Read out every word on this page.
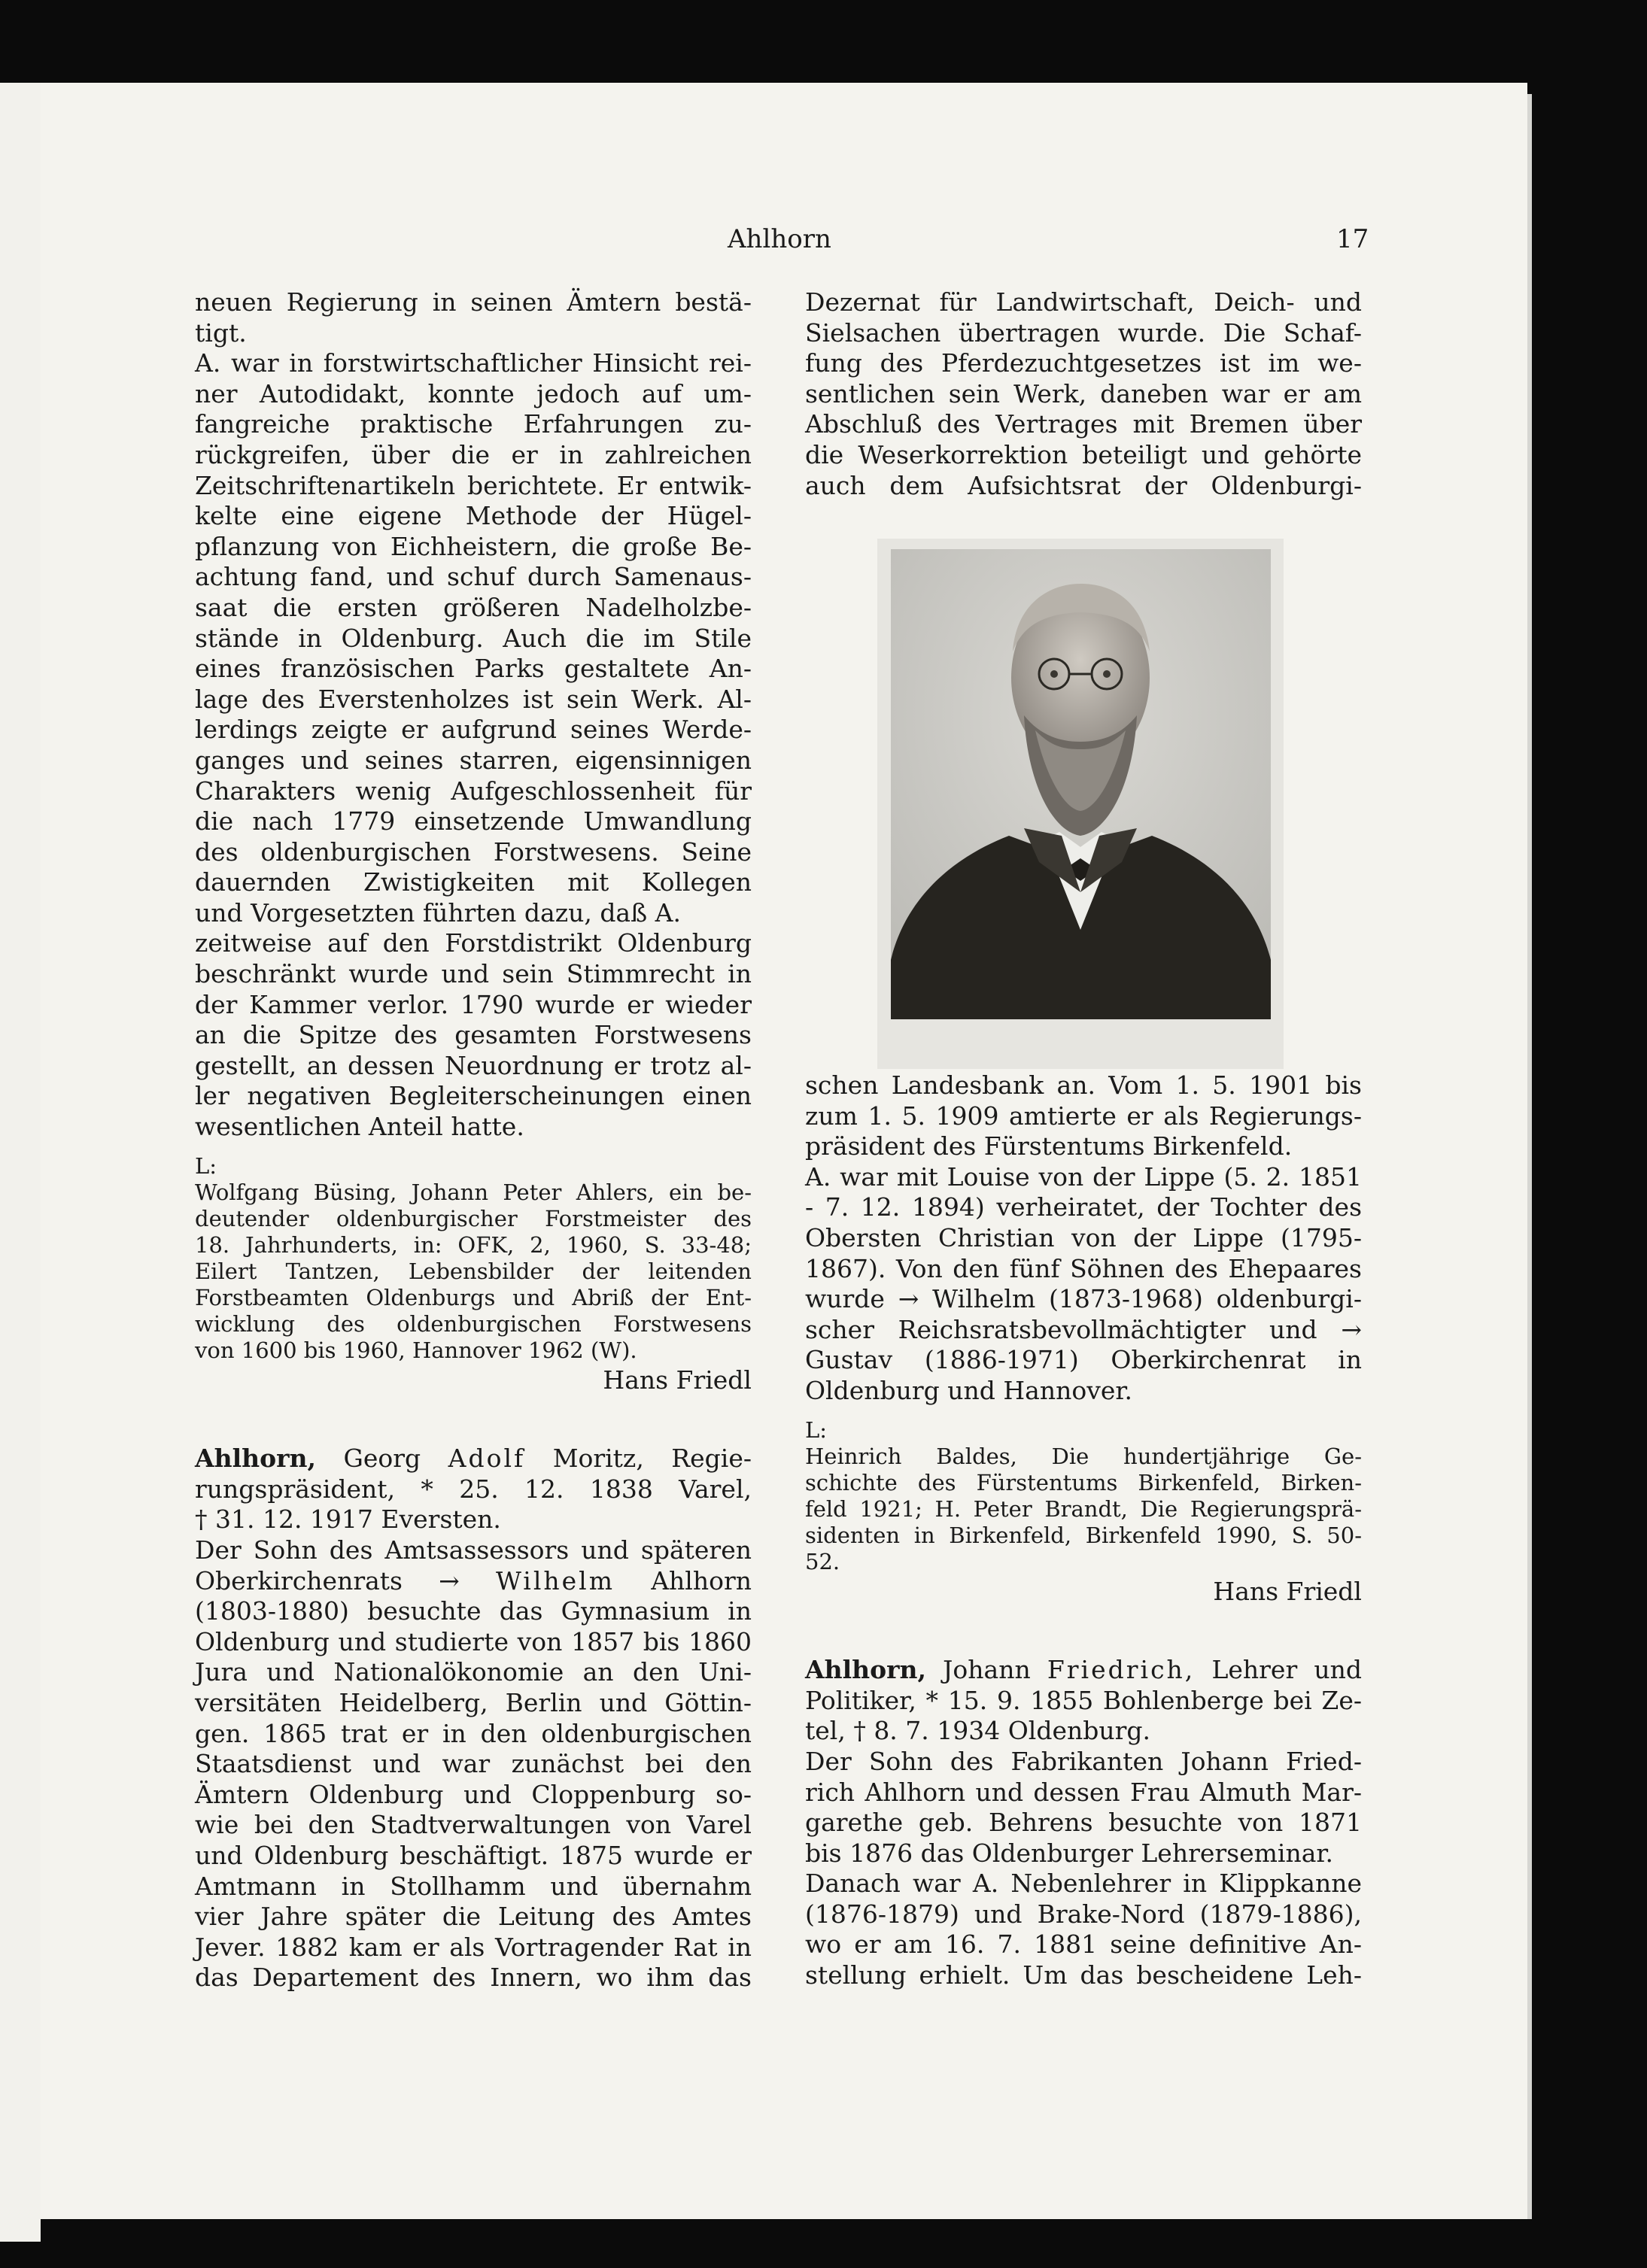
Ahlhorn	17

neuen Regierung in seinen Ämtern bestä-

tigt.

A. war in forstwirtschaftlicher Hinsicht rei-

ner Autodidakt, konnte jedoch auf um-

fangreiche praktische Erfahrungen zu-

rückgreifen, über die er in zahlreichen

Zeitschriftenartikeln berichtete. Er entwik-

kelte eine eigene Methode der Hügel-

pflanzung von Eichheistern, die große Be-

achtung fand, und schuf durch Samenaus-

saat die ersten größeren Nadelholzbe-

stände in Oldenburg. Auch die im Stile

eines französischen Parks gestaltete An-

lage des Everstenholzes ist sein Werk. Al-

lerdings zeigte er aufgrund seines Werde-

ganges und seines starren, eigensinnigen

Charakters wenig Aufgeschlossenheit für

die nach 1779 einsetzende Umwandlung

des oldenburgischen Forstwesens. Seine

dauernden Zwistigkeiten mit Kollegen

und Vorgesetzten führten dazu, daß A.

zeitweise auf den Forstdistrikt Oldenburg

beschränkt wurde und sein Stimmrecht in

der Kammer verlor. 1790 wurde er wieder

an die Spitze des gesamten Forstwesens

gestellt, an dessen Neuordnung er trotz al-

ler negativen Begleiterscheinungen einen

wesentlichen Anteil hatte.

L:

Wolfgang Büsing, Johann Peter Ahlers, ein be-

deutender oldenburgischer Forstmeister des

18. Jahrhunderts, in: OFK, 2, 1960, S. 33-48;

Eilert Tantzen, Lebensbilder der leitenden

Forstbeamten Oldenburgs und Abriß der Ent-

wicklung des oldenburgischen Forstwesens

von 1600 bis 1960, Hannover 1962 (W).

Hans Friedl

Ahlhorn, Georg Adolf Moritz, Regie-

rungspräsident, * 25. 12. 1838 Varel,

† 31. 12. 1917 Eversten.

Der Sohn des Amtsassessors und späteren

Oberkirchenrats → Wilhelm Ahlhorn

(1803-1880) besuchte das Gymnasium in

Oldenburg und studierte von 1857 bis 1860

Jura und Nationalökonomie an den Uni-

versitäten Heidelberg, Berlin und Göttin-

gen. 1865 trat er in den oldenburgischen

Staatsdienst und war zunächst bei den

Ämtern Oldenburg und Cloppenburg so-

wie bei den Stadtverwaltungen von Varel

und Oldenburg beschäftigt. 1875 wurde er

Amtmann in Stollhamm und übernahm

vier Jahre später die Leitung des Amtes

Jever. 1882 kam er als Vortragender Rat in

das Departement des Innern, wo ihm das

Dezernat für Landwirtschaft, Deich- und

Sielsachen übertragen wurde. Die Schaf-

fung des Pferdezuchtgesetzes ist im we-

sentlichen sein Werk, daneben war er am

Abschluß des Vertrages mit Bremen über

die Weserkorrektion beteiligt und gehörte

auch dem Aufsichtsrat der Oldenburgi-

schen Landesbank an. Vom 1. 5. 1901 bis

zum 1. 5. 1909 amtierte er als Regierungs-

präsident des Fürstentums Birkenfeld.

A. war mit Louise von der Lippe (5. 2. 1851

- 7. 12. 1894) verheiratet, der Tochter des

Obersten Christian von der Lippe (1795-

1867). Von den fünf Söhnen des Ehepaares

wurde → Wilhelm (1873-1968) oldenburgi-

scher Reichsratsbevollmächtigter und →

Gustav (1886-1971) Oberkirchenrat in

Oldenburg und Hannover.

L:

Heinrich Baldes, Die hundertjährige Ge-

schichte des Fürstentums Birkenfeld, Birken-

feld 1921; H. Peter Brandt, Die Regierungsprä-

sidenten in Birkenfeld, Birkenfeld 1990, S. 50-

52.

Hans Friedl

Ahlhorn, Johann Friedrich, Lehrer und

Politiker, * 15. 9. 1855 Bohlenberge bei Ze-

tel, † 8. 7. 1934 Oldenburg.

Der Sohn des Fabrikanten Johann Fried-

rich Ahlhorn und dessen Frau Almuth Mar-

garethe geb. Behrens besuchte von 1871

bis 1876 das Oldenburger Lehrerseminar.

Danach war A. Nebenlehrer in Klippkanne

(1876-1879) und Brake-Nord (1879-1886),

wo er am 16. 7. 1881 seine definitive An-

stellung erhielt. Um das bescheidene Leh-
